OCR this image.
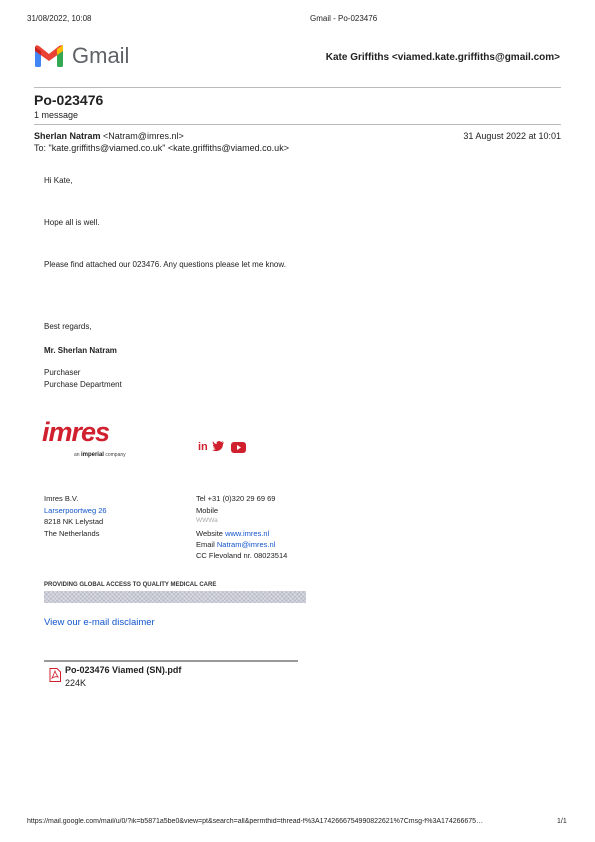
31/08/2022, 10:08	Gmail - Po-023476
Gmail	Kate Griffiths <viamed.kate.griffiths@gmail.com>
Po-023476
1 message
Sherlan Natram <Natram@imres.nl>	31 August 2022 at 10:01
To: "kate.griffiths@viamed.co.uk" <kate.griffiths@viamed.co.uk>
Hi Kate,
Hope all is well.
Please find attached our 023476. Any questions please let me know.
Best regards,
Mr. Sherlan Natram
Purchaser
Purchase Department
imres
an imperial company
in
Imres B.V.
Larserpoortweg 26
8218 NK Lelystad
The Netherlands
Tel +31 (0)320 29 69 69
Mobile
WWWa
Website www.imres.nl
Email Natram@imres.nl
CC Flevoland nr. 08023514
PROVIDING GLOBAL ACCESS TO QUALITY MEDICAL CARE
View our e-mail disclaimer
Po-023476 Viamed (SN).pdf
224K
https://mail.google.com/mail/u/0/?ik=b5871a5be0&view=pt&search=all&permthid=thread-f%3A1742666754990822621%7Cmsg-f%3A174266675…	1/1
